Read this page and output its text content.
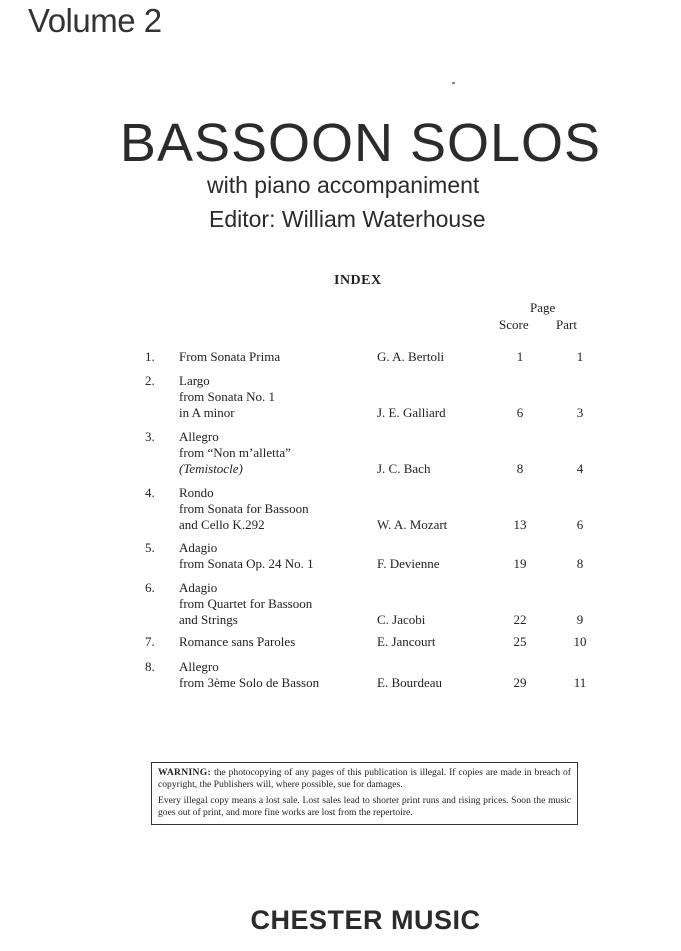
Volume 2
BASSOON SOLOS
with piano accompaniment
Editor: William Waterhouse
INDEX
Page
Score Part
1. From Sonata Prima	G. A. Bertoli	1	1
2. Largo
from Sonata No. 1
in A minor	J. E. Galliard	6	3
3. Allegro
from “Non m’alletta”
(Temistocle)	J. C. Bach	8	4
4. Rondo
from Sonata for Bassoon
and Cello K.292	W. A. Mozart	13	6
5. Adagio
from Sonata Op. 24 No. 1	F. Devienne	19	8
6. Adagio
from Quartet for Bassoon
and Strings	C. Jacobi	22	9
7. Romance sans Paroles	E. Jancourt	25	10
8. Allegro
from 3ème Solo de Basson	E. Bourdeau	29	11

WARNING: the photocopying of any pages of this publication is illegal. If copies are made in breach of copyright, the Publishers will, where possible, sue for damages.

Every illegal copy means a lost sale. Lost sales lead to shorter print runs and rising prices. Soon the music goes out of print, and more fine works are lost from the repertoire.

CHESTER MUSIC
